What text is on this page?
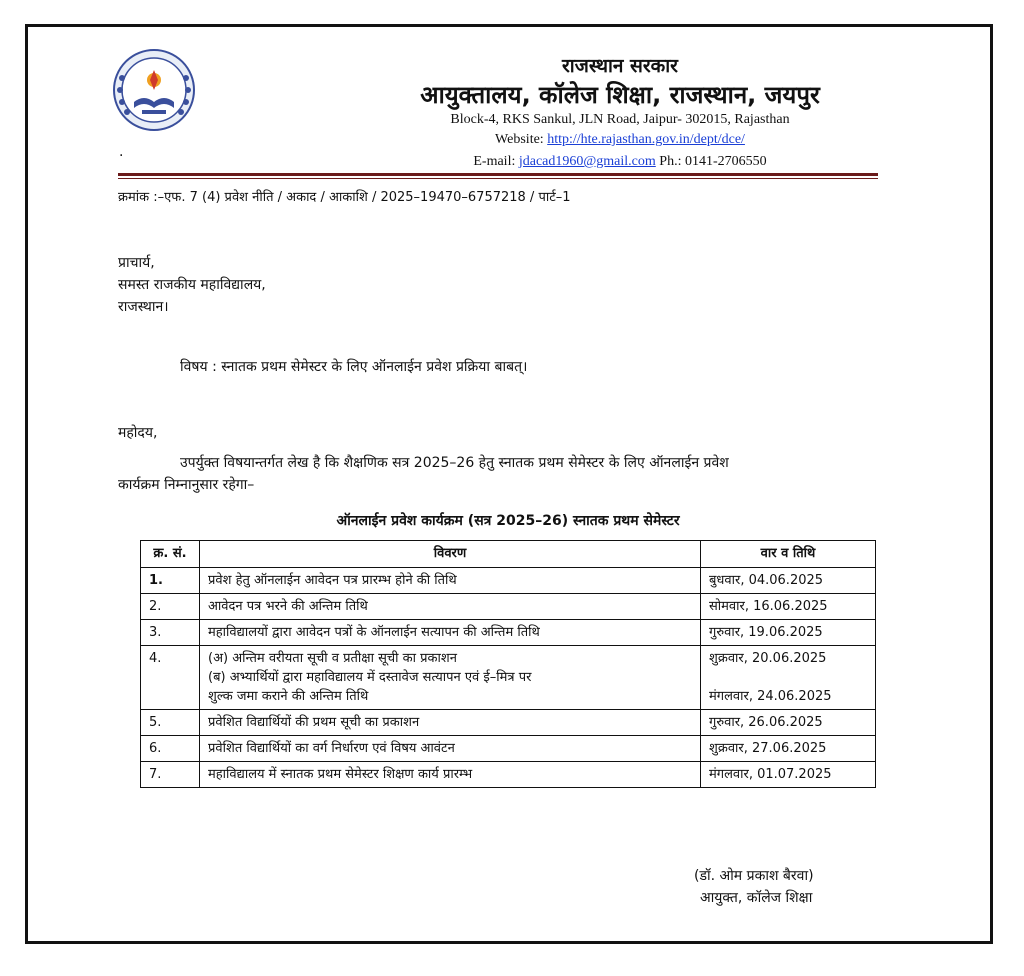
राजस्थान सरकार
आयुक्तालय, कॉलेज शिक्षा, राजस्थान, जयपुर
Block-4, RKS Sankul, JLN Road, Jaipur- 302015, Rajasthan
Website: http://hte.rajasthan.gov.in/dept/dce/
E-mail: jdacad1960@gmail.com Ph.: 0141-2706550
.
क्रमांक :–एफ. 7 (4) प्रवेश नीति / अकाद / आकाशि / 2025–19470–6757218 / पार्ट–1
प्राचार्य,
समस्त राजकीय महाविद्यालय,
राजस्थान।
विषय : स्नातक प्रथम सेमेस्टर के लिए ऑनलाईन प्रवेश प्रक्रिया बाबत्।
महोदय,
उपर्युक्त विषयान्तर्गत लेख है कि शैक्षणिक सत्र 2025–26 हेतु स्नातक प्रथम सेमेस्टर के लिए ऑनलाईन प्रवेश
कार्यक्रम निम्नानुसार रहेगा–
ऑनलाईन प्रवेश कार्यक्रम (सत्र 2025–26) स्नातक प्रथम सेमेस्टर
क्र. सं.	विवरण	वार व तिथि
1.	प्रवेश हेतु ऑनलाईन आवेदन पत्र प्रारम्भ होने की तिथि	बुधवार, 04.06.2025
2.	आवेदन पत्र भरने की अन्तिम तिथि	सोमवार, 16.06.2025
3.	महाविद्यालयों द्वारा आवेदन पत्रों के ऑनलाईन सत्यापन की अन्तिम तिथि	गुरुवार, 19.06.2025
4.	(अ) अन्तिम वरीयता सूची व प्रतीक्षा सूची का प्रकाशन
(ब) अभ्यार्थियों द्वारा महाविद्यालय में दस्तावेज सत्यापन एवं ई–मित्र पर
शुल्क जमा कराने की अन्तिम तिथि	शुक्रवार, 20.06.2025
मंगलवार, 24.06.2025

5.	प्रवेशित विद्यार्थियों की प्रथम सूची का प्रकाशन	गुरुवार, 26.06.2025
6.	प्रवेशित विद्यार्थियों का वर्ग निर्धारण एवं विषय आवंटन	शुक्रवार, 27.06.2025
7.	महाविद्यालय में स्नातक प्रथम सेमेस्टर शिक्षण कार्य प्रारम्भ	मंगलवार, 01.07.2025
(डॉ. ओम प्रकाश बैरवा)
आयुक्त, कॉलेज शिक्षा
